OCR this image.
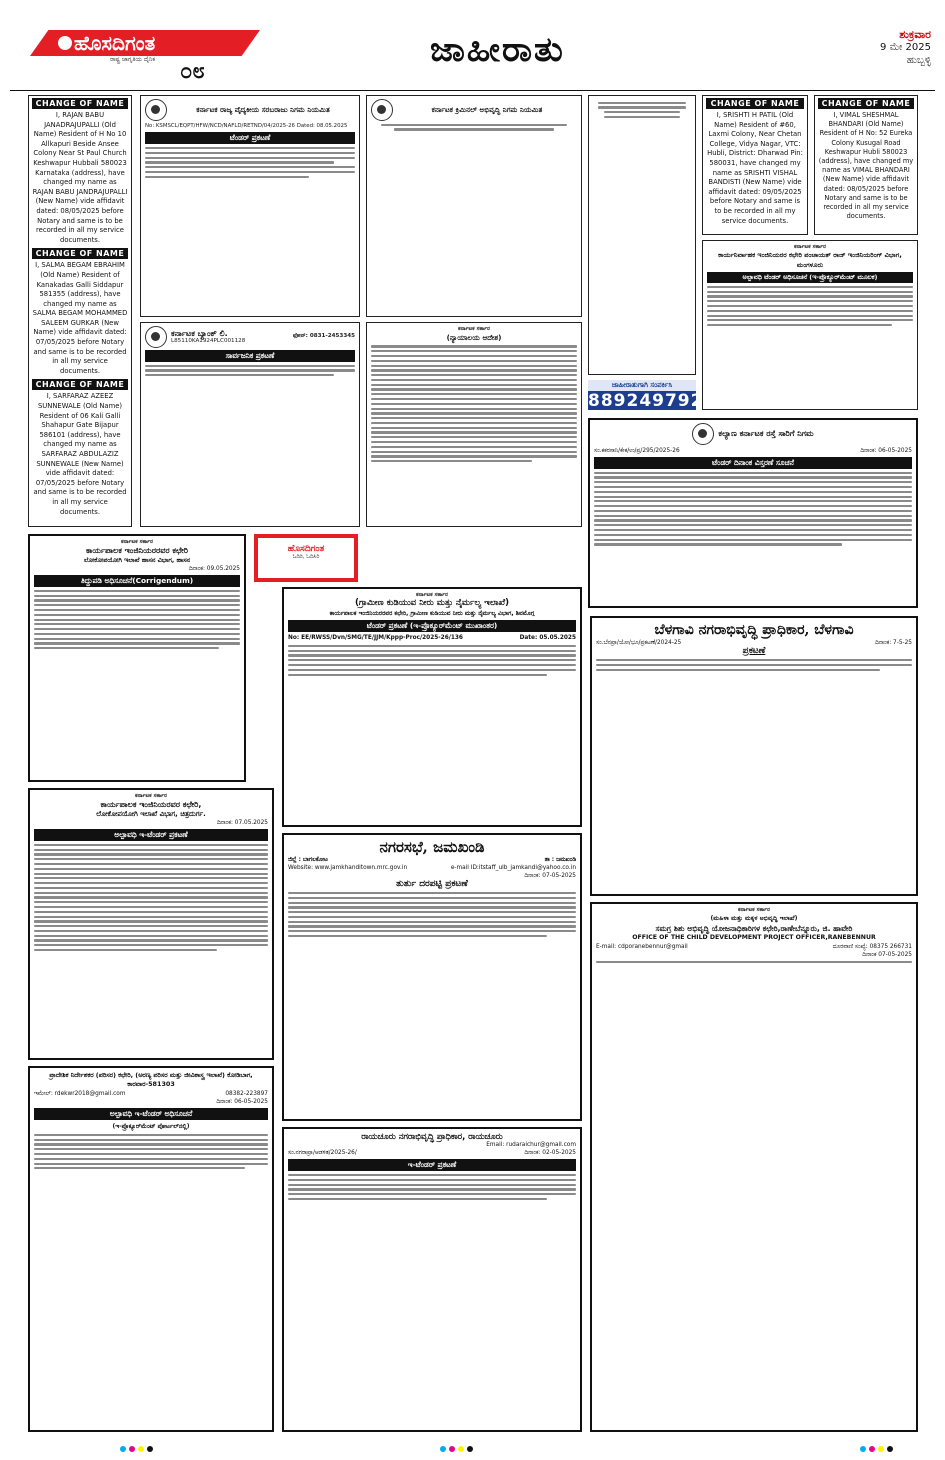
ಹೊಸದಿಗಂತ
ರಾಷ್ಟ್ರ ಜಾಗೃತಿಯ ದೈನಿಕ ೦೮
ಜಾಹೀರಾತು	ಶುಕ್ರವಾರ
9 ಮೇ 2025
ಹುಬ್ಬಳ್ಳಿ
CHANGE OF NAME
I, RAJAN BABU JANADRAJUPALLI (Old Name) Resident of H No 10 Allkapuri Beside Ansee Colony Near St Paul Church Keshwapur Hubbali 580023 Karnataka (address), have changed my name as RAJAN BABU JANDRAJUPALLI (New Name) vide affidavit dated: 08/05/2025 before Notary and same is to be recorded in all my service documents.
CHANGE OF NAME
I, SALMA BEGAM EBRAHIM (Old Name) Resident of Kanakadas Galli Siddapur 581355 (address), have changed my name as SALMA BEGAM MOHAMMED SALEEM GURKAR (New Name) vide affidavit dated: 07/05/2025 before Notary and same is to be recorded in all my service documents.
CHANGE OF NAME
I, SARFARAZ AZEEZ SUNNEWALE (Old Name) Resident of 06 Kali Galli Shahapur Gate Bijapur 586101 (address), have changed my name as SARFARAZ ABDULAZIZ SUNNEWALE (New Name) vide affidavit dated: 07/05/2025 before Notary and same is to be recorded in all my service documents.
ಕರ್ನಾಟಕ ರಾಜ್ಯ ವೈದ್ಯಕೀಯ ಸರಬರಾಜು ನಿಗಮ ನಿಯಮಿತ
No: KSMSCL/EQPT/HFW/NCD/NAFLD/RETND/04/2025-26 Dated: 08.05.2025
ಟೆಂಡರ್ ಪ್ರಕಟಣೆ
ಕರ್ನಾಟಕ ಕ್ರಿಮಿನಲ್ ಅಭಿವೃದ್ಧಿ ನಿಗಮ ನಿಯಮಿತ
CHANGE OF NAME
I, SRISHTI H PATIL (Old Name) Resident of #60, Laxmi Colony, Near Chetan College, Vidya Nagar, VTC: Hubli, District: Dharwad Pin: 580031, have changed my name as SRISHTI VISHAL BANDISTI (New Name) vide affidavit dated: 09/05/2025 before Notary and same is to be recorded in all my service documents.
CHANGE OF NAME
I, VIMAL SHESHMAL BHANDARI (Old Name) Resident of H No: 52 Eureka Colony Kusugal Road Keshwapur Hubli 580023 (address), have changed my name as VIMAL BHANDARI (New Name) vide affidavit dated: 08/05/2025 before Notary and same is to be recorded in all my service documents.
ಕರ್ನಾಟಕ ಸರ್ಕಾರ
ಕಾರ್ಯನಿರ್ವಾಹಕ ಇಂಜಿನಿಯರರ ಕಛೇರಿ ಪಂಚಾಯತ್ ರಾಜ್ ಇಂಜಿನಿಯರಿಂಗ್ ವಿಭಾಗ, ಮಂಗಳೂರು
ಅಲ್ಪಾವಧಿ ಟೆಂಡರ್ ಅಧಿಸೂಚನೆ (ಇ-ಪ್ರೊಕ್ಯೂರ್‌ಮೆಂಟ್ ಮೂಲಕ)
ಕರ್ನಾಟಕ ಬ್ಯಾಂಕ್ ಲಿ.
L85110KA1924PLC001128
ಫೋನ್: 0831-2453345
ಸಾರ್ವಜನಿಕ ಪ್ರಕಟಣೆ

ಕರ್ನಾಟಕ ಸರ್ಕಾರ
(ನ್ಯಾಯಾಲಯ ಆದೇಶ)
ಜಾಹೀರಾತುಗಾಗಿ ಸಂಪರ್ಕಿಸಿ
8892497927
ಕಲ್ಯಾಣ ಕರ್ನಾಟಕ ರಸ್ತೆ ಸಾರಿಗೆ ನಿಗಮ
ಸಂ.ಕಕರಸಾನಿ/ಕೇಕ/ಉ/ಪ್ರ/295/2025-26	ದಿನಾಂಕ: 06-05-2025
ಟೆಂಡರ್ ದಿನಾಂಕ ವಿಸ್ತರಣೆ ಸೂಚನೆ
ಕರ್ನಾಟಕ ಸರ್ಕಾರ
ಕಾರ್ಯಪಾಲಕ ಇಂಜಿನಿಯರರವರ ಕಛೇರಿ
ಲೋಕೋಪಯೋಗಿ ಇಲಾಖೆ ಹಾಸನ ವಿಭಾಗ, ಹಾಸನ
ದಿನಾಂಕ: 09.05.2025
ತಿದ್ದುಪಡಿ ಅಧಿಸೂಚನೆ(Corrigendum)
ಹೊಸದಿಗಂತ
ಓದಿರಿ, ಓದಿಸಿರಿ
ಕರ್ನಾಟಕ ಸರ್ಕಾರ
(ಗ್ರಾಮೀಣ ಕುಡಿಯುವ ನೀರು ಮತ್ತು ನೈರ್ಮಲ್ಯ ಇಲಾಖೆ)
ಕಾರ್ಯಪಾಲಕ ಇಂಜಿನಿಯರರವರ ಕಛೇರಿ, ಗ್ರಾಮೀಣ ಕುಡಿಯುವ ನೀರು ಮತ್ತು ನೈರ್ಮಲ್ಯ ವಿಭಾಗ, ಶಿವಮೊಗ್ಗ
ಟೆಂಡರ್ ಪ್ರಕಟಣೆ (ಇ-ಪ್ರೊಕ್ಯೂರ್‌ಮೆಂಟ್ ಮುಖಾಂತರ)
No: EE/RWSS/Dvn/SMG/TE/JJM/Kppp-Proc/2025-26/136	Date: 05.05.2025
ಬೆಳಗಾವಿ ನಗರಾಭಿವೃದ್ಧಿ ಪ್ರಾಧಿಕಾರ, ಬೆಳಗಾವಿ
ಸಂ.ಬೆನಪ್ರಾ/ಯೋ/ಭೂ/ಪ್ರಕಟಣೆ/2024-25	ದಿನಾಂಕ: 7-5-25
ಪ್ರಕಟಣೆ

ಕರ್ನಾಟಕ ಸರ್ಕಾರ
ಕಾರ್ಯಪಾಲಕ ಇಂಜಿನಿಯರವರ ಕಛೇರಿ,
ಲೋಕೋಪಯೋಗಿ ಇಲಾಖೆ ವಿಭಾಗ, ಚಿತ್ರದುರ್ಗ.
ದಿನಾಂಕ: 07.05.2025
ಅಲ್ಪಾವಧಿ ಇ-ಟೆಂಡರ್ ಪ್ರಕಟಣೆ
ನಗರಸಭೆ, ಜಮಖಂಡಿ
ಜಿಲ್ಲೆ : ಬಾಗಲಕೋಟ	ತಾ : ಜಮಖಂಡಿ
Website: www.jamkhanditown.mrc.gov.in	e-mail ID:itstaff_ulb_jamkandi@yahoo.co.in
ದಿನಾಂಕ: 07-05-2025
ತುರ್ತು ದರಪಟ್ಟಿ ಪ್ರಕಟಣೆ
ಕರ್ನಾಟಕ ಸರ್ಕಾರ
(ಮಹಿಳಾ ಮತ್ತು ಮಕ್ಕಳ ಅಭಿವೃದ್ಧಿ ಇಲಾಖೆ)
ಸಮಗ್ರ ಶಿಶು ಅಭಿವೃದ್ಧಿ ಯೋಜನಾಧಿಕಾರಿಗಳ ಕಛೇರಿ,ರಾಣೇಬೆನ್ನೂರು, ಜಿ. ಹಾವೇರಿ
OFFICE OF THE CHILD DEVELOPMENT PROJECT OFFICER,RANEBENNUR
E-mail: cdporanebennur@gmail	ದೂರವಾಣಿ ಸಂಖ್ಯೆ: 08375 266731
ದಿನಾಂಕ 07-05-2025

ಪ್ರಾದೇಶಿಕ ನಿರ್ದೇಶಕರ (ಪರಿಸರ) ಕಛೇರಿ, (ಅರಣ್ಯ ಪರಿಸರ ಮತ್ತು ಜೀವಿಶಾಸ್ತ್ರ ಇಲಾಖೆ) ಕೋಡಿಬಾಗ, ಕಾರವಾರ-581303
ಇಮೇಲ್: rdekwr2018@gmail.com	08382-223897
ದಿನಾಂಕ: 06-05-2025
ಅಲ್ಪಾವಧಿ ಇ-ಟೆಂಡರ್ ಅಧಿಸೂಚನೆ
(ಇ-ಪ್ರೊಕ್ಯೂರ್‌ಮೆಂಟ್ ಪೋರ್ಟಲ್‌ನಲ್ಲಿ)

ರಾಯಚೂರು ನಗರಾಭಿವೃದ್ಧಿ ಪ್ರಾಧಿಕಾರ, ರಾಯಚೂರು
Email: rudaraichur@gmail.com
ಸಂ.ನಗರಾಪ್ರಾ/ಆಡಳಿತ/2025-26/	ದಿನಾಂಕ: 02-05-2025
ಇ-ಟೆಂಡರ್ ಪ್ರಕಟಣೆ
